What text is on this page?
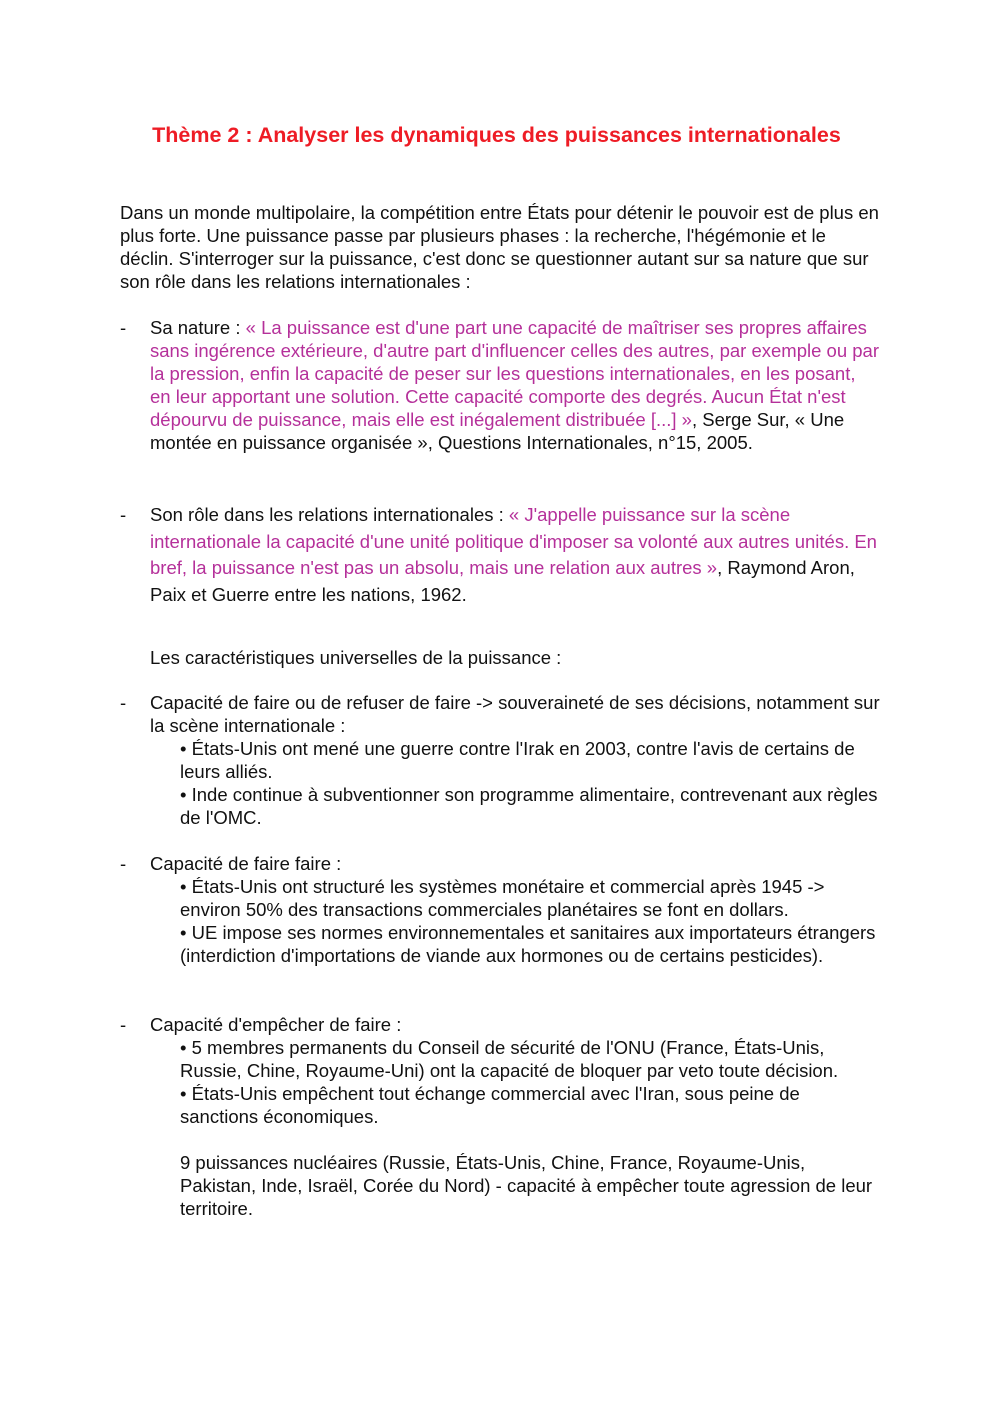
Thème 2 : Analyser les dynamiques des puissances internationales
Dans un monde multipolaire, la compétition entre États pour détenir le pouvoir est de plus en plus forte. Une puissance passe par plusieurs phases : la recherche, l'hégémonie et le déclin. S'interroger sur la puissance, c'est donc se questionner autant sur sa nature que sur son rôle dans les relations internationales :
- Sa nature : « La puissance est d'une part une capacité de maîtriser ses propres affaires sans ingérence extérieure, d'autre part d'influencer celles des autres, par exemple ou par la pression, enfin la capacité de peser sur les questions internationales, en les posant, en leur apportant une solution. Cette capacité comporte des degrés. Aucun État n'est dépourvu de puissance, mais elle est inégalement distribuée [...] », Serge Sur, « Une montée en puissance organisée », Questions Internationales, n°15, 2005.
- Son rôle dans les relations internationales : « J'appelle puissance sur la scène internationale la capacité d'une unité politique d'imposer sa volonté aux autres unités. En bref, la puissance n'est pas un absolu, mais une relation aux autres », Raymond Aron, Paix et Guerre entre les nations, 1962.
Les caractéristiques universelles de la puissance :
- Capacité de faire ou de refuser de faire -> souveraineté de ses décisions, notamment sur la scène internationale :
• États-Unis ont mené une guerre contre l'Irak en 2003, contre l'avis de certains de leurs alliés.
• Inde continue à subventionner son programme alimentaire, contrevenant aux règles de l'OMC.
- Capacité de faire faire :
• États-Unis ont structuré les systèmes monétaire et commercial après 1945 -> environ 50% des transactions commerciales planétaires se font en dollars.
• UE impose ses normes environnementales et sanitaires aux importateurs étrangers (interdiction d'importations de viande aux hormones ou de certains pesticides).
- Capacité d'empêcher de faire :
• 5 membres permanents du Conseil de sécurité de l'ONU (France, États-Unis, Russie, Chine, Royaume-Uni) ont la capacité de bloquer par veto toute décision.
• États-Unis empêchent tout échange commercial avec l'Iran, sous peine de sanctions économiques.
9 puissances nucléaires (Russie, États-Unis, Chine, France, Royaume-Unis, Pakistan, Inde, Israël, Corée du Nord) - capacité à empêcher toute agression de leur territoire.
